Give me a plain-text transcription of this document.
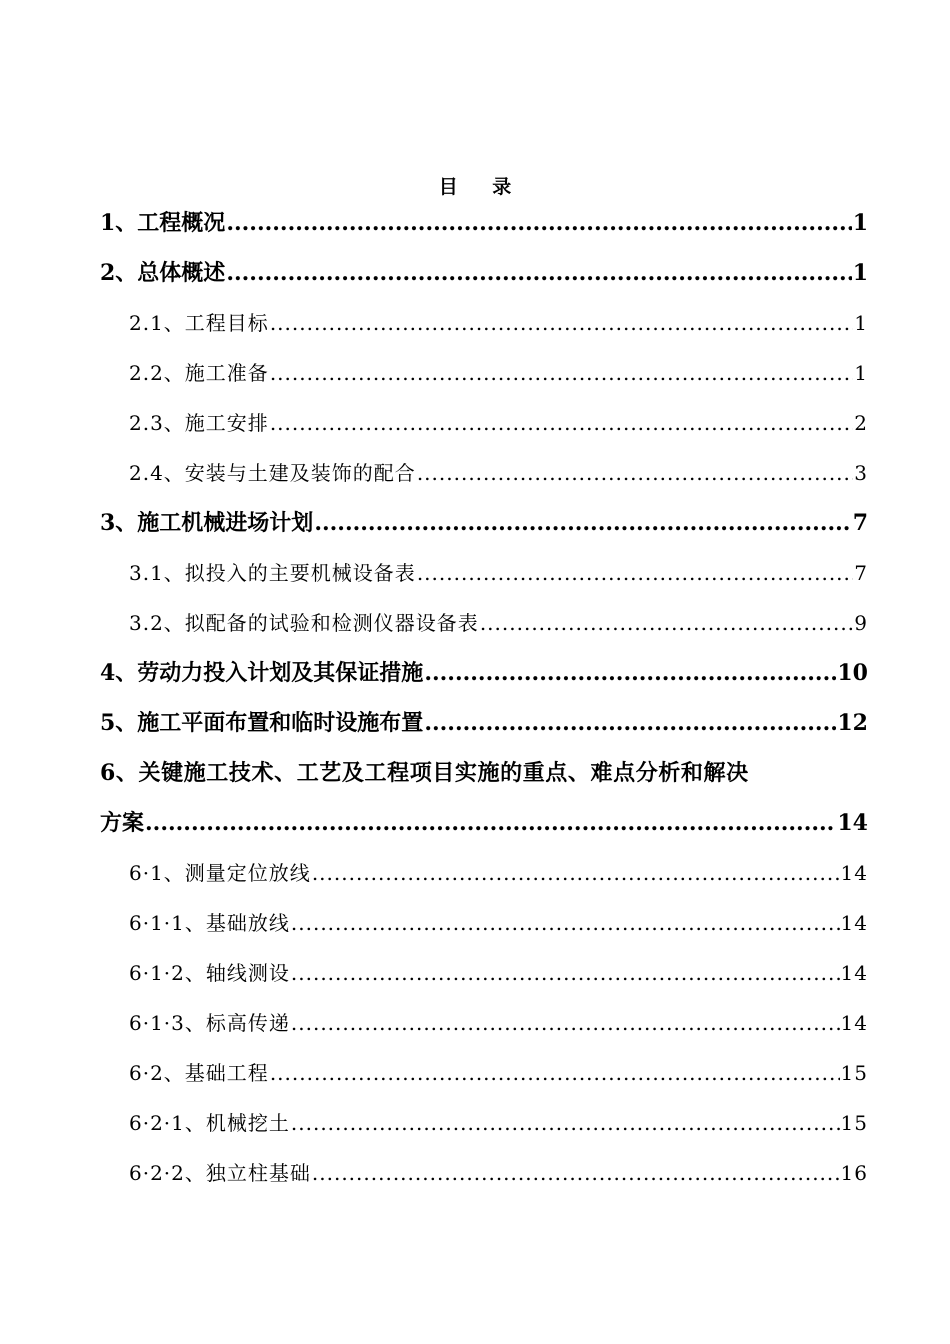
目 录
1、工程概况 .....	1
2、总体概述 .....	1
2.1、工程目标 .....	1
2.2、施工准备 .....	1
2.3、施工安排 .....	2
2.4、安装与土建及装饰的配合 .....	3
3、施工机械进场计划 .....	7
3.1、拟投入的主要机械设备表 .....	7
3.2、拟配备的试验和检测仪器设备表 .....	9
4、劳动力投入计划及其保证措施 .....	10
5、施工平面布置和临时设施布置 .....	12
6、关键施工技术、工艺及工程项目实施的重点、难点分析和解决
方案 .....	14
6·1、测量定位放线 .....	14
6·1·1、基础放线 .....	14
6·1·2、轴线测设 .....	14
6·1·3、标高传递 .....	14
6·2、基础工程 .....	15
6·2·1、机械挖土 .....	15
6·2·2、独立柱基础 .....	16
